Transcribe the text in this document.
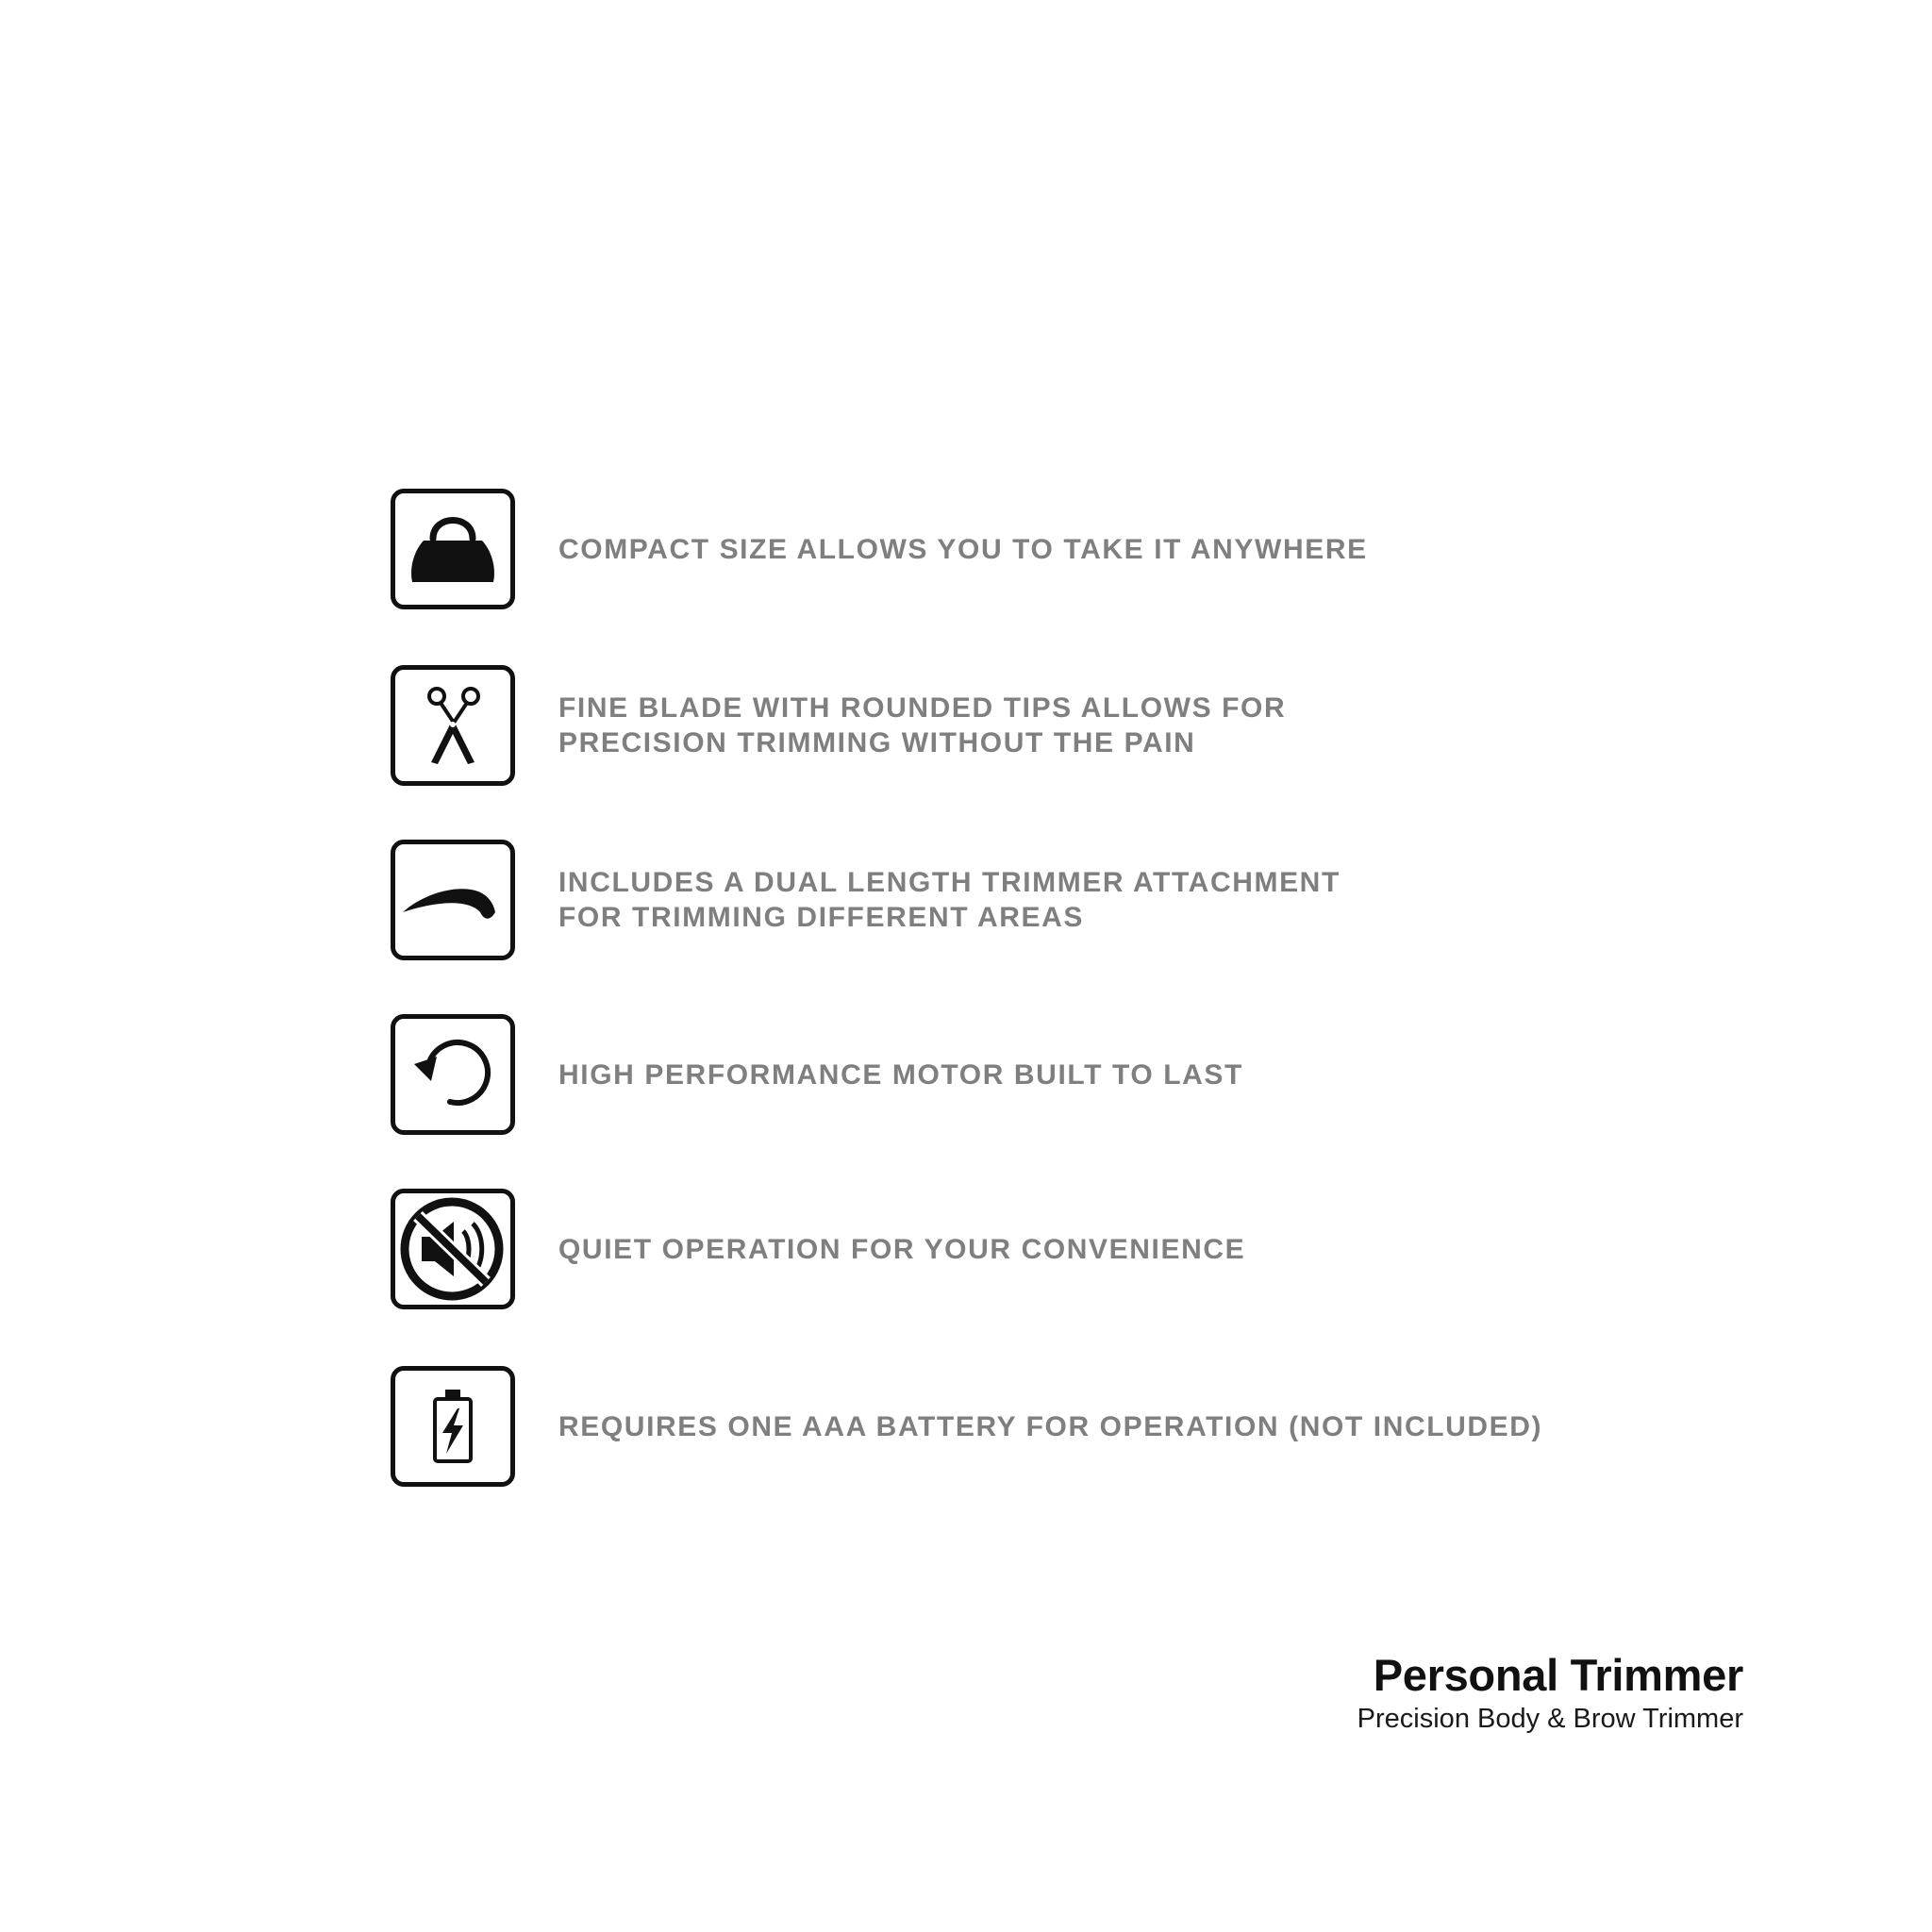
COMPACT SIZE ALLOWS YOU TO TAKE IT ANYWHERE
FINE BLADE WITH ROUNDED TIPS ALLOWS FOR
PRECISION TRIMMING WITHOUT THE PAIN
INCLUDES A DUAL LENGTH TRIMMER ATTACHMENT
FOR TRIMMING DIFFERENT AREAS
HIGH PERFORMANCE MOTOR BUILT TO LAST
QUIET OPERATION FOR YOUR CONVENIENCE
REQUIRES ONE AAA BATTERY FOR OPERATION (NOT INCLUDED)
Personal Trimmer
Precision Body & Brow Trimmer
